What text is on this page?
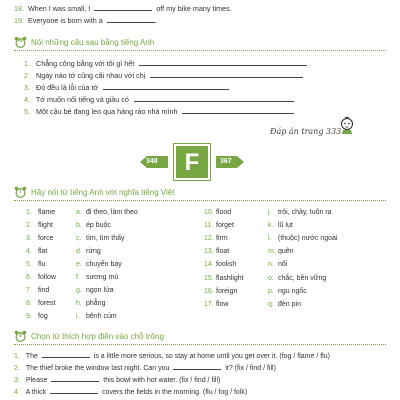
18. When I was small, I	off my bike many times.
19. Everyone is born with a	.
IV	Nói những câu sau bằng tiếng Anh
1. Chẳng công bằng với tôi gì hết
2. Ngày nào tớ cũng cãi nhau với chị
3. Đó đều là lỗi của tớ
4. Tớ muốn nổi tiếng và giàu có
5. Một cậu bé đang leo qua hàng rào nhà mình
Đáp án trang 333
348	F	367
I	Hãy nối từ tiếng Anh với nghĩa tiếng Việt
1. flame	a. đi theo, làm theo
2. flight	b. ép buộc
3. force	c. tìm, tìm thấy
4. flat	d. rừng
5. flu	e. chuyến bay
6. follow	f. sương mù
7. find	g. ngọn lửa
8. forest	h. phẳng
9. fog	i. bệnh cúm
10. flood	j. trôi, chảy, tuôn ra
11. forget	k. lũ lụt
12. firm	l. (thuộc) nước ngoài
13. float	m. quên
14. foolish	n. nổi
15. flashlight	o. chắc, bền vững
16. foreign	p. ngu ngốc
17. flow	q. đèn pin
II	Chọn từ thích hợp điền vào chỗ trống
1. The	is a little more serious, so stay at home until you get over it. (fog / flame / flu)
2. The thief broke the window last night. Can you	it? (fix / find / fill)
3. Please	this bowl with hot water. (fix / find / fill)
4. A thick	covers the fields in the morning. (flu / fog / folk)
